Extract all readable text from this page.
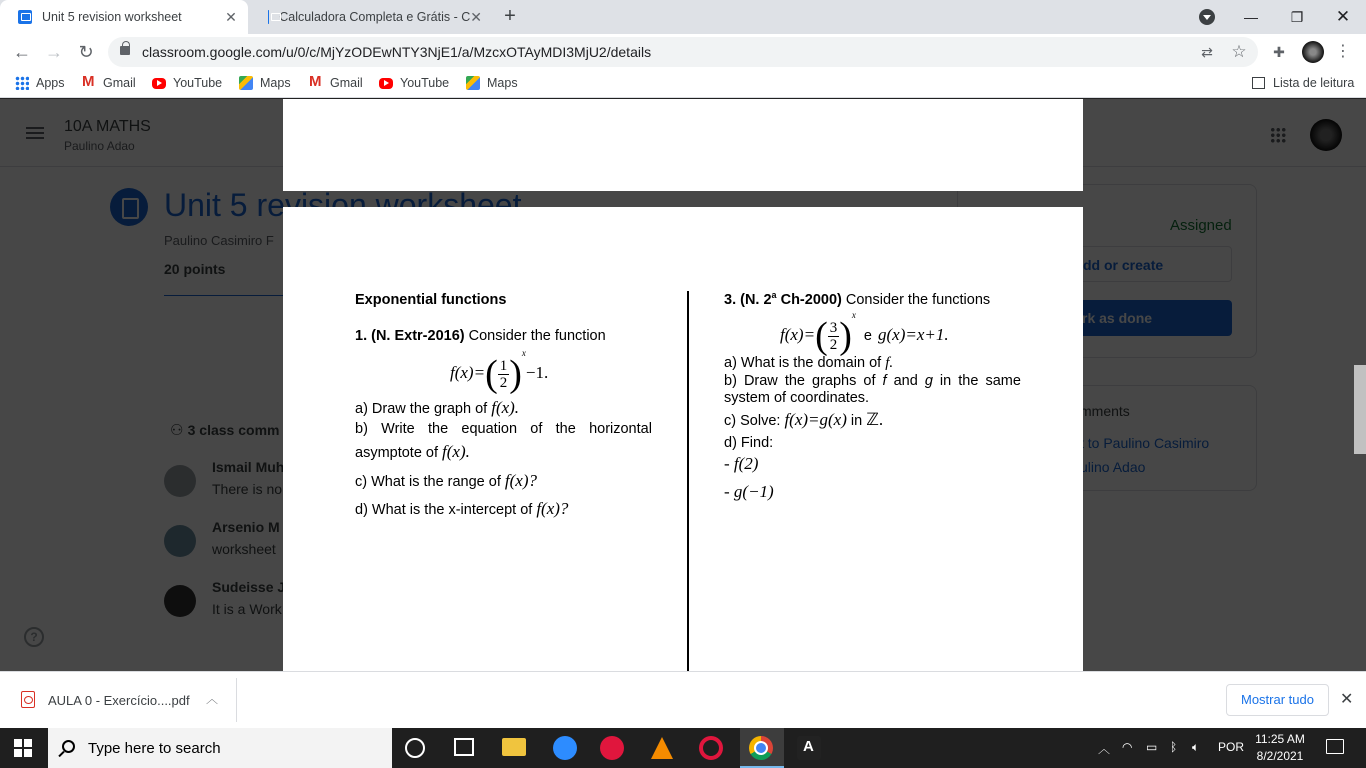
Unit 5 revision worksheet	✕	Calculadora Completa e Grátis - C ✕	+	—	❐	✕
← → ↻	classroom.google.com/u/0/c/MjYzODEwNTY3NjE1/a/MzcxOTAyMDI3MjU2/details	⇄ ☆ ✚	⋮
Apps M	Gmail	YouTube	Maps M	Gmail	YouTube	Maps	Lista de leitura
Exponential functions
1. (N. Extr-2016) Consider the function
$f(x)=( \frac{1}{2} )^x-1$.
a) Draw the graph of f(x).
b) Write the equation of the horizontal
asymptote of f(x).
c) What is the range of f(x)?
d) What is the x-intercept of f(x)?
3. (N. 2$^a$ Ch-2000) Consider the functions
$f(x)=( \frac{3}{2} )^x$ e g(x)=x+1.
a) What is the domain of f.
b) Draw the graphs of f and g in the same
system of coordinates.
c) Solve: f(x)=g(x) in ℤ.
d) Find:
- f(2)
- g(−1)
AULA 0 - Exercício....pdf ︿	Mostrar tudo	✕
Type here to search A	︿ ◠ ▭ ᛒ 🔈︎ POR
11:25 AM
8/2/2021
